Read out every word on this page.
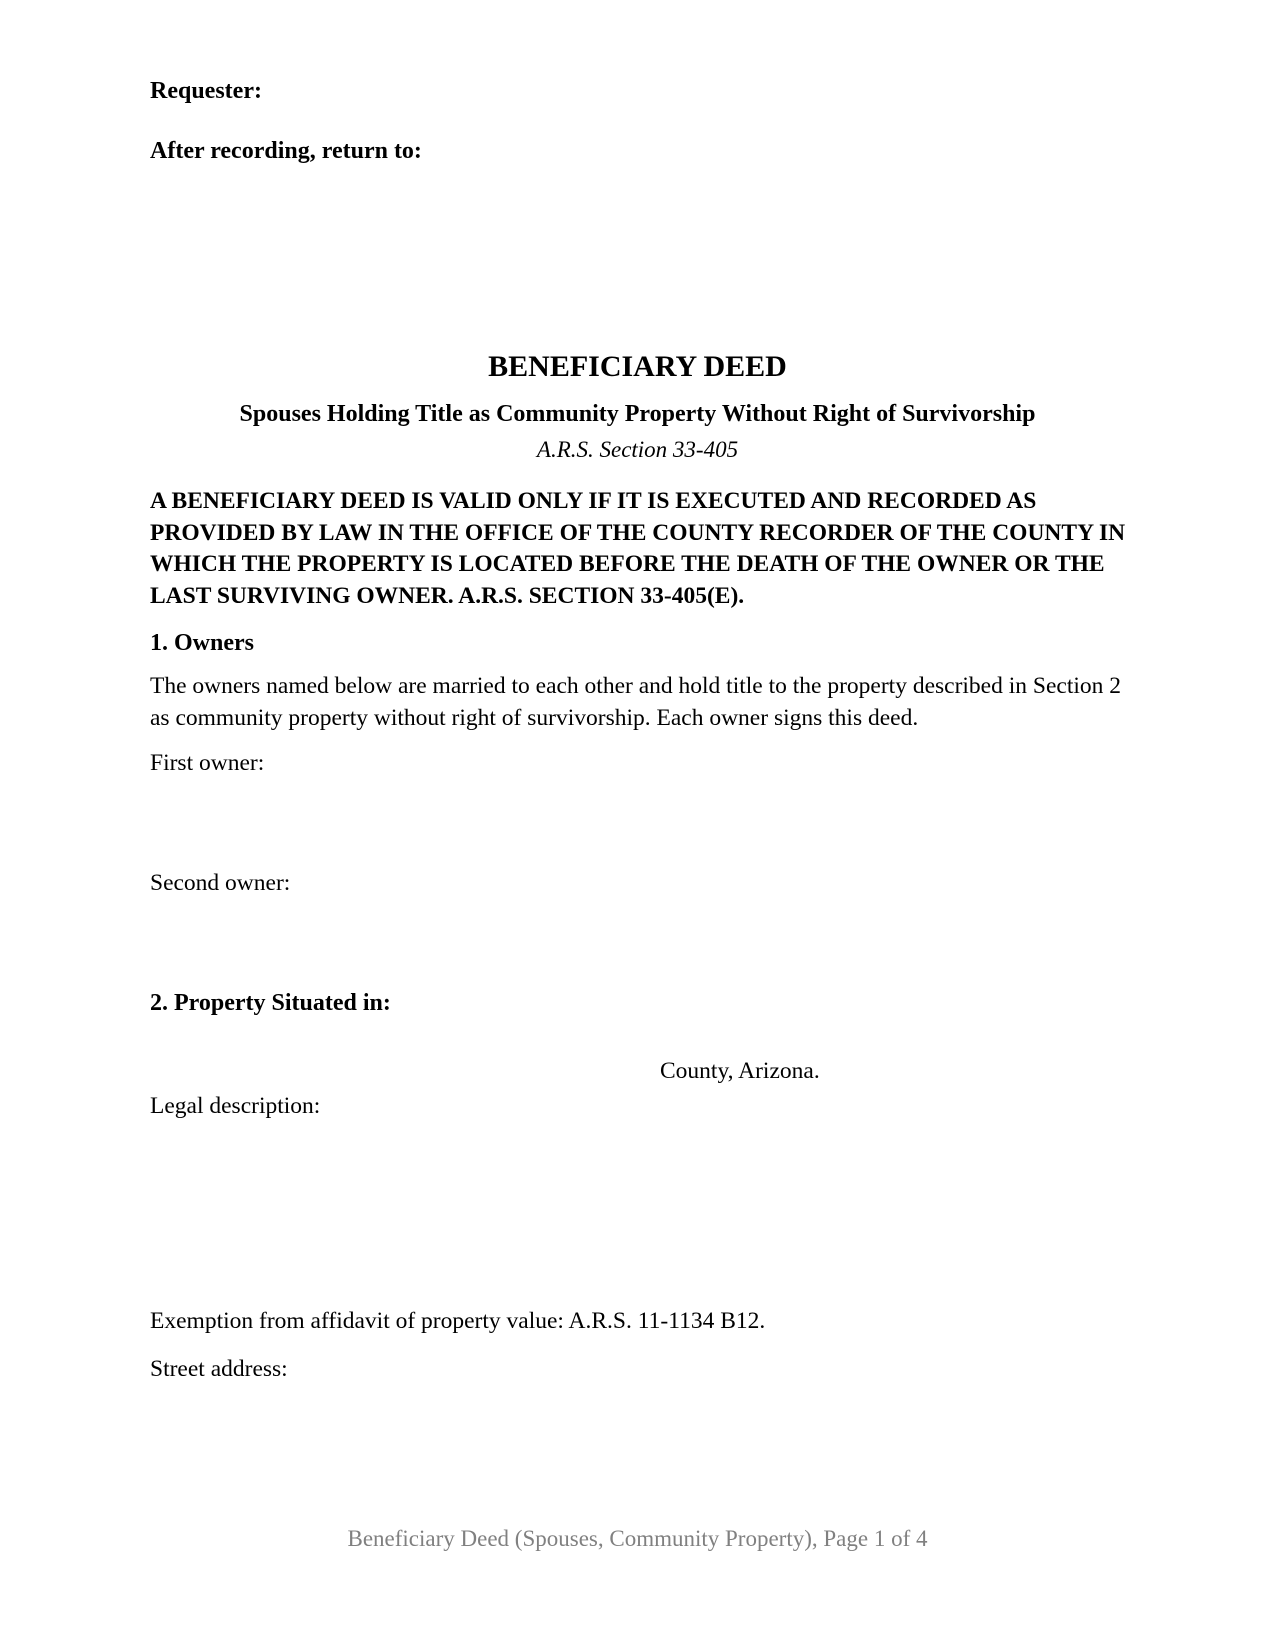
Requester:

After recording, return to:

BENEFICIARY DEED

Spouses Holding Title as Community Property Without Right of Survivorship

A.R.S. Section 33-405

A BENEFICIARY DEED IS VALID ONLY IF IT IS EXECUTED AND RECORDED AS PROVIDED BY LAW IN THE OFFICE OF THE COUNTY RECORDER OF THE COUNTY IN WHICH THE PROPERTY IS LOCATED BEFORE THE DEATH OF THE OWNER OR THE LAST SURVIVING OWNER. A.R.S. SECTION 33-405(E).

1. Owners

The owners named below are married to each other and hold title to the property described in Section 2 as community property without right of survivorship. Each owner signs this deed.

First owner:

Second owner:

2. Property Situated in:

County, Arizona.

Legal description:

Exemption from affidavit of property value: A.R.S. 11-1134 B12.

Street address:

Beneficiary Deed (Spouses, Community Property), Page 1 of 4
